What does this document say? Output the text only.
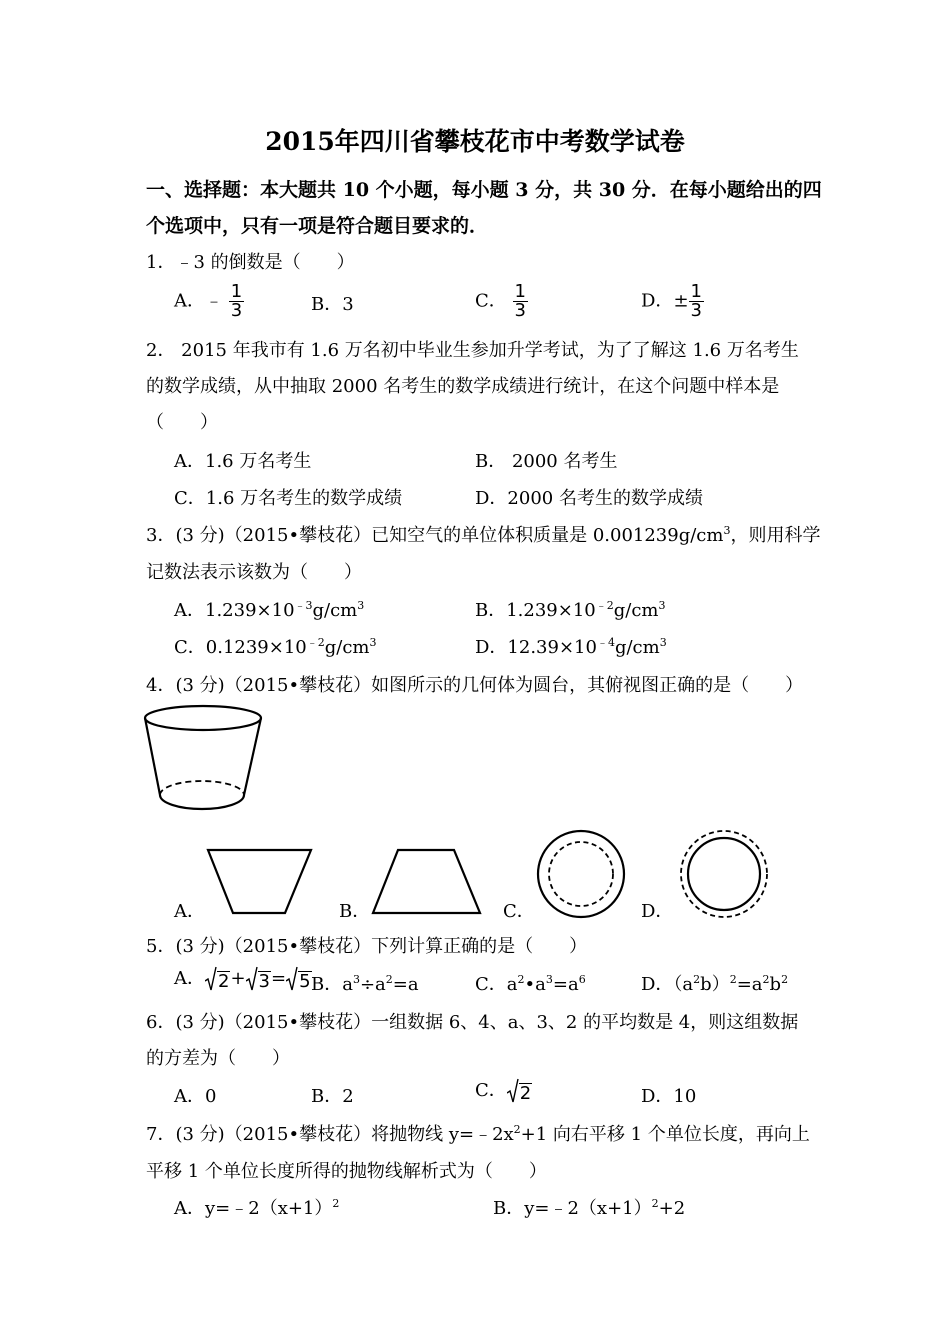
2015年四川省攀枝花市中考数学试卷
一、选择题：本大题共 10 个小题，每小题 3 分，共 30 分．在每小题给出的四
个选项中，只有一项是符合题目要求的．
1．﹣3 的倒数是（　　）
A．﹣ $\frac{1}{3}$	B．3	C． $\frac{1}{3}$	D．± $\frac{1}{3}$
2． 2015 年我市有 1.6 万名初中毕业生参加升学考试，为了了解这 1.6 万名考生
的数学成绩，从中抽取 2000 名考生的数学成绩进行统计，在这个问题中样本是
（　　）
A．1.6 万名考生	B． 2000 名考生
C．1.6 万名考生的数学成绩	D．2000 名考生的数学成绩
3．(3 分)（2015•攀枝花）已知空气的单位体积质量是 $0.001239g/cm^3$，则用科学
记数法表示该数为（　　）
A．$1.239\times 10^{﹣3}g/cm^3$	B．$1.239\times 10^{﹣2}g/cm^3$
C．$0.1239\times 10^{﹣2}g/cm^3$	D．$12.39\times 10^{﹣4}g/cm^3$
4．(3 分)（2015•攀枝花）如图所示的几何体为圆台，其俯视图正确的是（　　）
A．	B．	C．	D．
5．(3 分)（2015•攀枝花）下列计算正确的是（　　）
A． 2 + 3 = 5 B．$a^3\div a^2=a$	C．$a^2•a^3=a^6$	D．$(a^2b)^2=a^2b^2$
6．(3 分)（2015•攀枝花）一组数据 6、4、a、3、2 的平均数是 4，则这组数据
的方差为（　　）
A．0	B．2	C． 2	D．10
7．(3 分)（2015•攀枝花）将抛物线 $y=﹣2x^2+1$ 向右平移 1 个单位长度，再向上
平移 1 个单位长度所得的抛物线解析式为（　　）
A．$y=﹣2(x+1)^2$	B．$y=﹣2(x+1)^2+2$
